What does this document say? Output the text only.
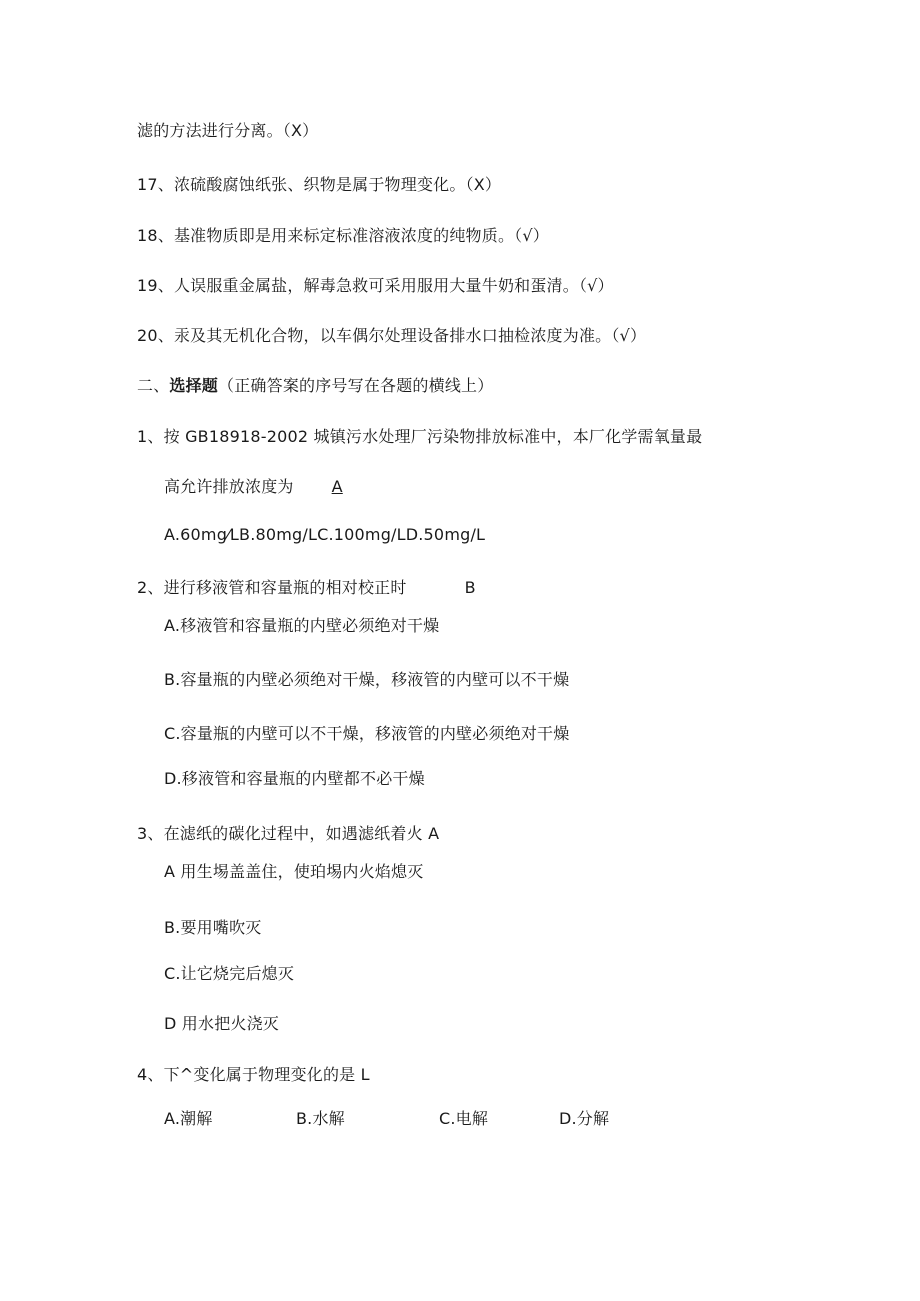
滤的方法进行分离。（X）
17、浓硫酸腐蚀纸张、织物是属于物理变化。（X）
18、基准物质即是用来标定标准溶液浓度的纯物质。（√）
19、人误服重金属盐，解毒急救可采用服用大量牛奶和蛋清。（√）
20、汞及其无机化合物，以车偶尔处理设备排水口抽检浓度为准。（√）
二、选择题（正确答案的序号写在各题的横线上）
1、按 GB18918-2002 城镇污水处理厂污染物排放标准中，本厂化学需氧量最
高允许排放浓度为 A
A.60mg⁄LB.80mg/LC.100mg/LD.50mg/L
2、进行移液管和容量瓶的相对校正时	B
A.移液管和容量瓶的内壁必须绝对干燥
B.容量瓶的内壁必须绝对干燥，移液管的内壁可以不干燥
C.容量瓶的内壁可以不干燥，移液管的内壁必须绝对干燥
D.移液管和容量瓶的内壁都不必干燥
3、在滤纸的碳化过程中，如遇滤纸着火 A
A 用生埸盖盖住，使珀埸内火焰熄灭
B.要用嘴吹灭
C.让它烧完后熄灭
D 用水把火浇灭
4、下^变化属于物理变化的是 L
A.潮解	B.水解	C.电解	D.分解
